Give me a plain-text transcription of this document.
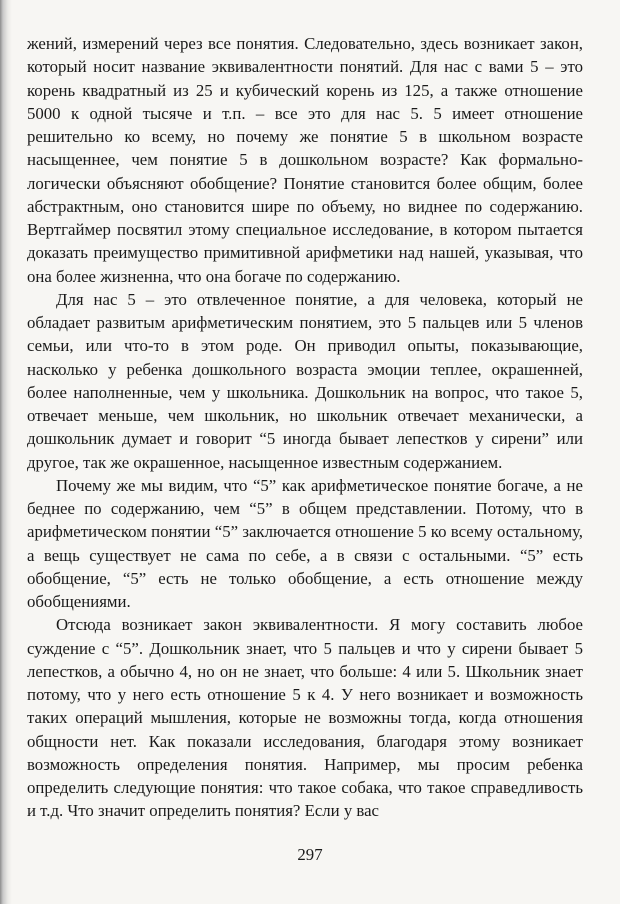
жений, измерений через все понятия. Следовательно, здесь возникает закон, который носит название эквивалентности понятий. Для нас с вами 5 – это корень квадратный из 25 и кубический корень из 125, а также отношение 5000 к одной тысяче и т.п. – все это для нас 5. 5 имеет отношение решительно ко всему, но почему же понятие 5 в школьном возрасте насыщеннее, чем понятие 5 в дошкольном возрасте? Как формальнологически объясняют обобщение? Понятие становится более общим, более абстрактным, оно становится шире по объему, но виднее по содержанию. Вертгаймер посвятил этому специальное исследование, в котором пытается доказать преимущество примитивной арифметики над нашей, указывая, что она более жизненна, что она богаче по содержанию.

Для нас 5 – это отвлеченное понятие, а для человека, который не обладает развитым арифметическим понятием, это 5 пальцев или 5 членов семьи, или что-то в этом роде. Он приводил опыты, показывающие, насколько у ребенка дошкольного возраста эмоции теплее, окрашенней, более наполненные, чем у школьника. Дошкольник на вопрос, что такое 5, отвечает меньше, чем школьник, но школьник отвечает механически, а дошкольник думает и говорит “5 иногда бывает лепестков у сирени” или другое, так же окрашенное, насыщенное известным содержанием.

Почему же мы видим, что “5” как арифметическое понятие богаче, а не беднее по содержанию, чем “5” в общем представлении. Потому, что в арифметическом понятии “5” заключается отношение 5 ко всему остальному, а вещь существует не сама по себе, а в связи с остальными. “5” есть обобщение, “5” есть не только обобщение, а есть отношение между обобщениями.

Отсюда возникает закон эквивалентности. Я могу составить любое суждение с “5”. Дошкольник знает, что 5 пальцев и что у сирени бывает 5 лепестков, а обычно 4, но он не знает, что больше: 4 или 5. Школьник знает потому, что у него есть отношение 5 к 4. У него возникает и возможность таких операций мышления, которые не возможны тогда, когда отношения общности нет. Как показали исследования, благодаря этому возникает возможность определения понятия. Например, мы просим ребенка определить следующие понятия: что такое собака, что такое справедливость и т.д. Что значит определить понятия? Если у вас

297
